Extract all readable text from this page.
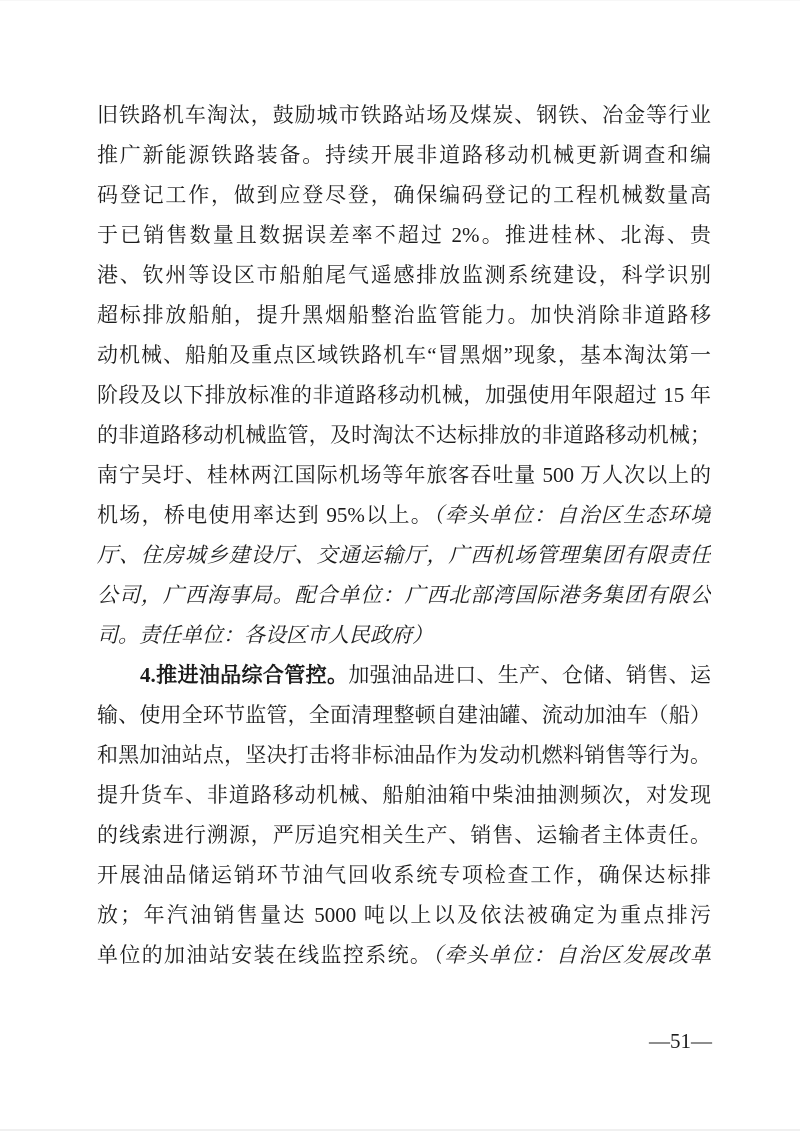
旧铁路机车淘汰，鼓励城市铁路站场及煤炭、钢铁、冶金等行业
推广新能源铁路装备。持续开展非道路移动机械更新调查和编
码登记工作，做到应登尽登，确保编码登记的工程机械数量高
于已销售数量且数据误差率不超过 2%。推进桂林、北海、贵
港、钦州等设区市船舶尾气遥感排放监测系统建设，科学识别
超标排放船舶，提升黑烟船整治监管能力。加快消除非道路移
动机械、船舶及重点区域铁路机车“冒黑烟”现象，基本淘汰第一
阶段及以下排放标准的非道路移动机械，加强使用年限超过 15 年
的非道路移动机械监管，及时淘汰不达标排放的非道路移动机械；
南宁吴圩、桂林两江国际机场等年旅客吞吐量 500 万人次以上的
机场，桥电使用率达到 95%以上。（牵头单位：自治区生态环境
厅、住房城乡建设厅、交通运输厅，广西机场管理集团有限责任
公司，广西海事局。配合单位：广西北部湾国际港务集团有限公
司。责任单位：各设区市人民政府）
4.推进油品综合管控。加强油品进口、生产、仓储、销售、运
输、使用全环节监管，全面清理整顿自建油罐、流动加油车（船）
和黑加油站点，坚决打击将非标油品作为发动机燃料销售等行为。
提升货车、非道路移动机械、船舶油箱中柴油抽测频次，对发现
的线索进行溯源，严厉追究相关生产、销售、运输者主体责任。
开展油品储运销环节油气回收系统专项检查工作，确保达标排
放；年汽油销售量达 5000 吨以上以及依法被确定为重点排污
单位的加油站安装在线监控系统。（牵头单位：自治区发展改革
—51—
